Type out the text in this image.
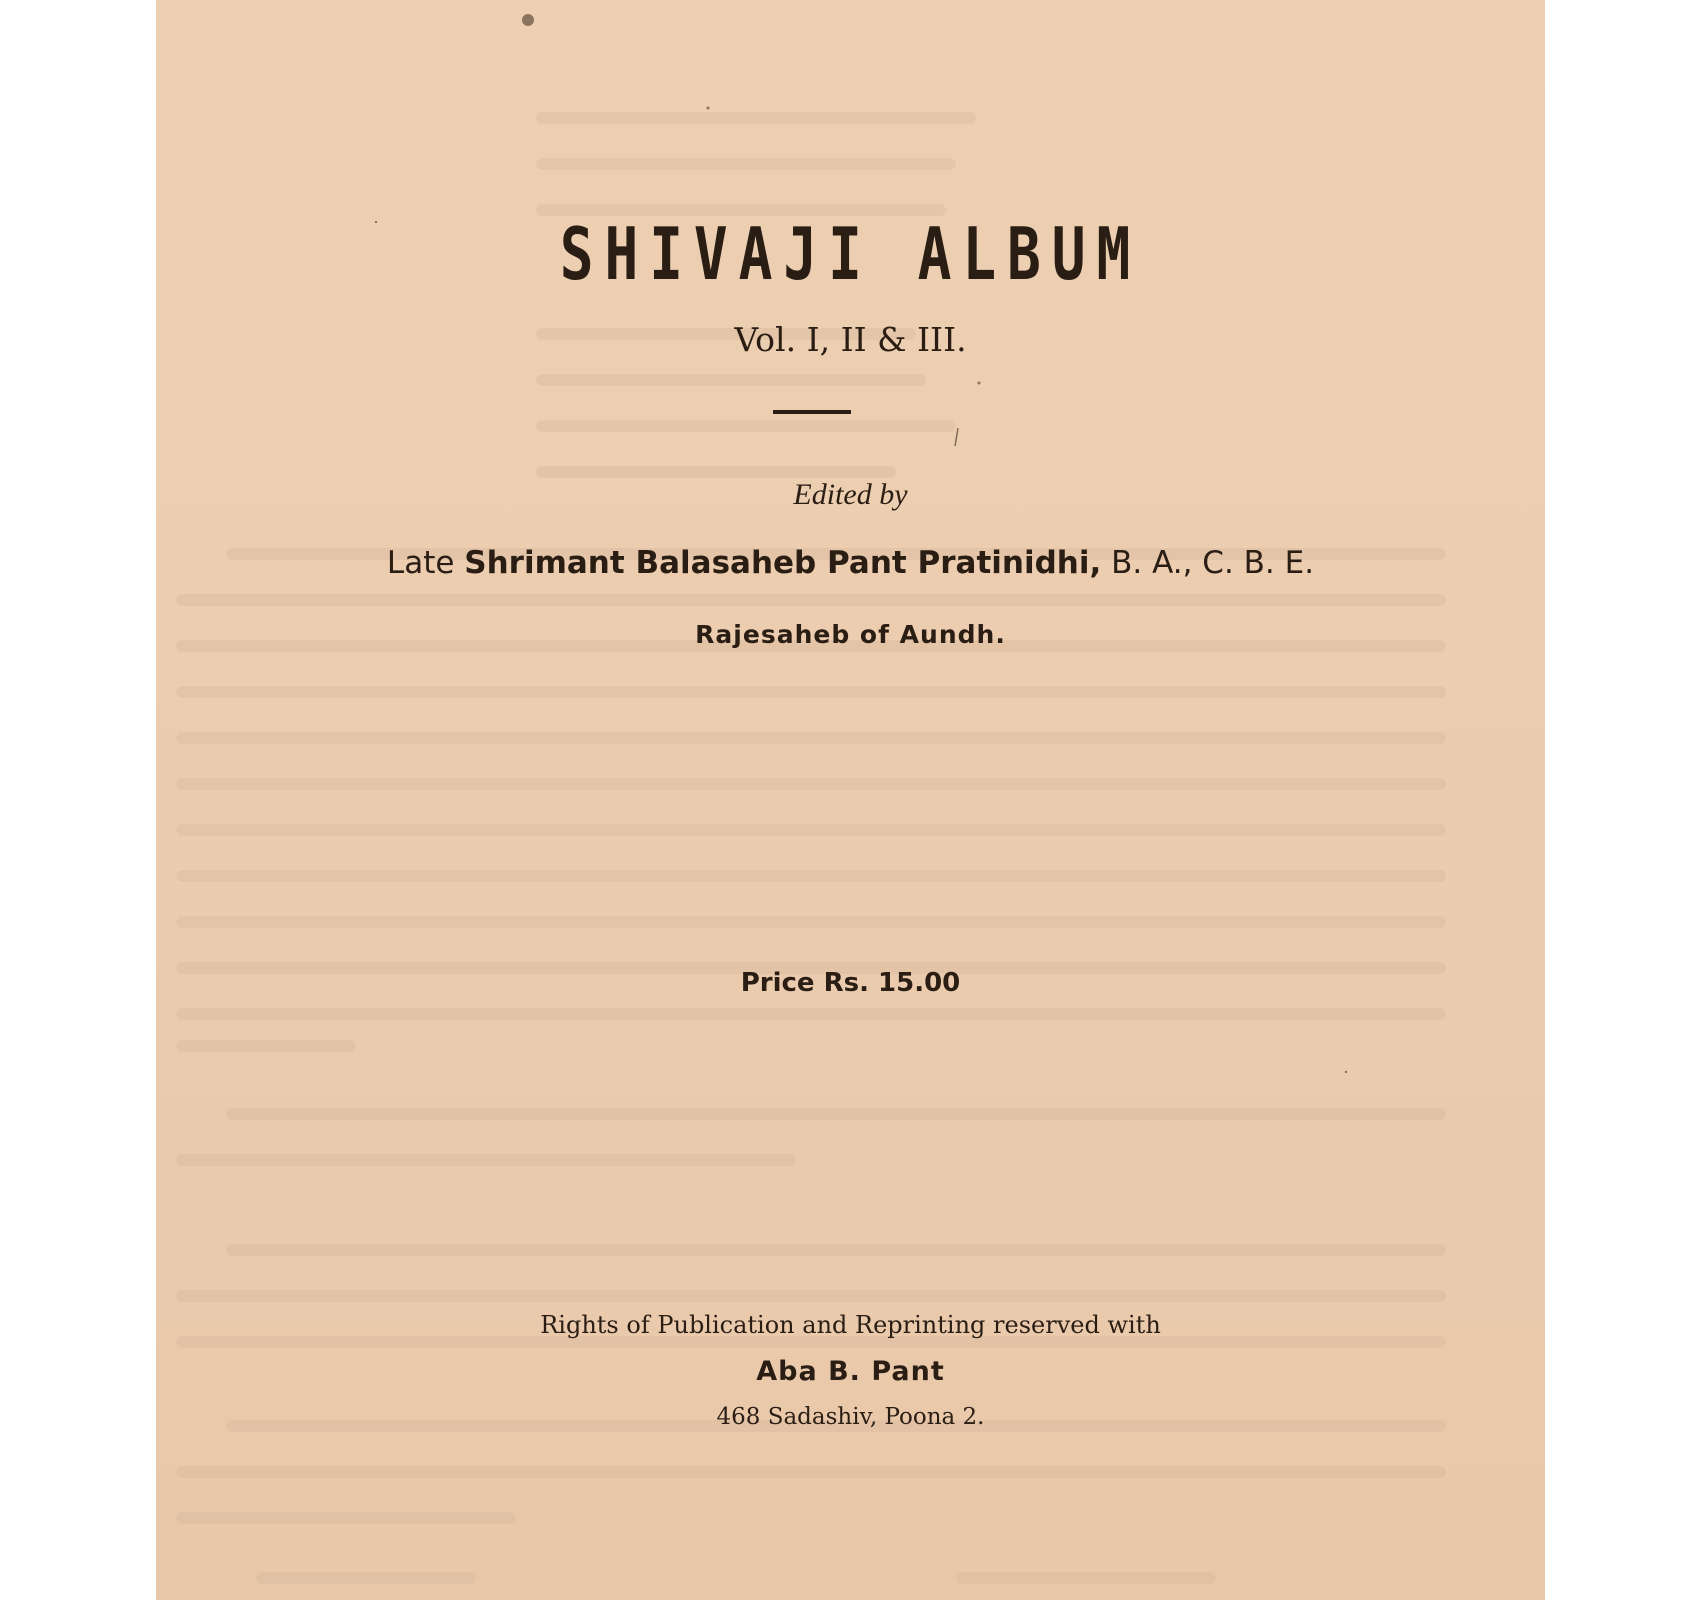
SHIVAJI ALBUM
Vol. I, II & III.
Edited by
Late Shrimant Balasaheb Pant Pratinidhi, B. A., C. B. E.
Rajesaheb of Aundh.
Price Rs. 15.00
Rights of Publication and Reprinting reserved with
Aba B. Pant
468 Sadashiv, Poona 2.
